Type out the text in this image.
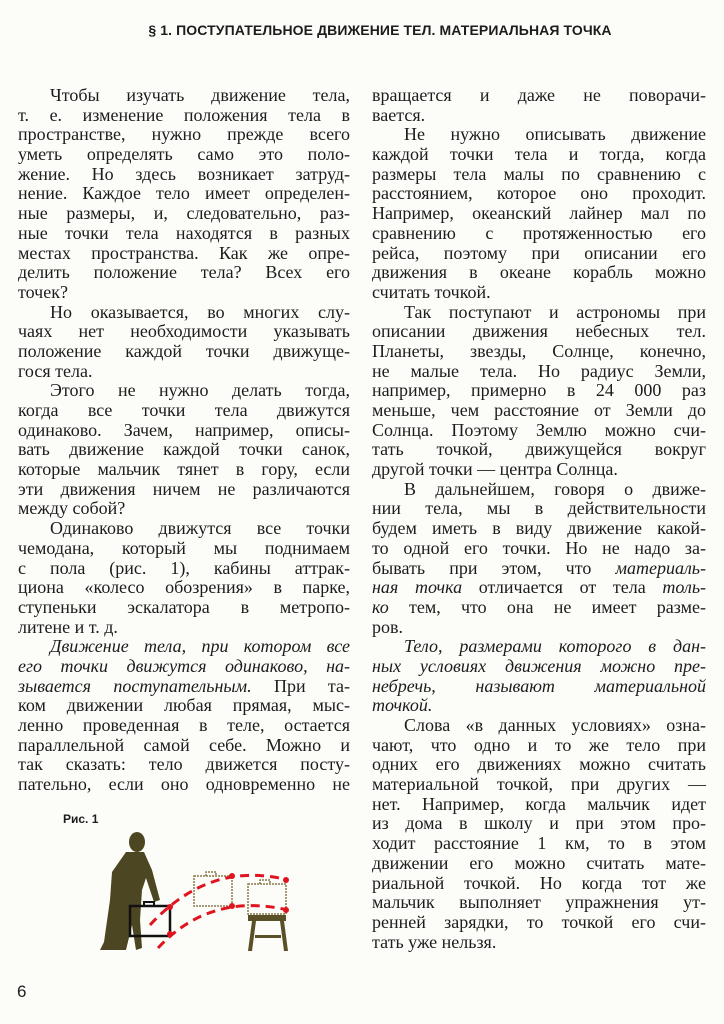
§ 1. ПОСТУПАТЕЛЬНОЕ ДВИЖЕНИЕ ТЕЛ. МАТЕРИАЛЬНАЯ ТОЧКА
Чтобы изучать движение тела,
т. е. изменение положения тела в
пространстве, нужно прежде всего
уметь определять само это поло-
жение. Но здесь возникает затруд-
нение. Каждое тело имеет определен-
ные размеры, и, следовательно, раз-
ные точки тела находятся в разных
местах пространства. Как же опре-
делить положение тела? Всех его
точек?
Но оказывается, во многих слу-
чаях нет необходимости указывать
положение каждой точки движуще-
гося тела.
Этого не нужно делать тогда,
когда все точки тела движутся
одинаково. Зачем, например, описы-
вать движение каждой точки санок,
которые мальчик тянет в гору, если
эти движения ничем не различаются
между собой?
Одинаково движутся все точки
чемодана, который мы поднимаем
с пола (рис. 1), кабины аттрак-
циона «колесо обозрения» в парке,
ступеньки эскалатора в метропо-
литене и т. д.
Движение тела, при котором все
его точки движутся одинаково, на-
зывается поступательным. При та-
ком движении любая прямая, мыс-
ленно проведенная в теле, остается
параллельной самой себе. Можно и
так сказать: тело движется посту-
пательно, если оно одновременно не
вращается и даже не поворачи-
вается.
Не нужно описывать движение
каждой точки тела и тогда, когда
размеры тела малы по сравнению с
расстоянием, которое оно проходит.
Например, океанский лайнер мал по
сравнению с протяженностью его
рейса, поэтому при описании его
движения в океане корабль можно
считать точкой.
Так поступают и астрономы при
описании движения небесных тел.
Планеты, звезды, Солнце, конечно,
не малые тела. Но радиус Земли,
например, примерно в 24 000 раз
меньше, чем расстояние от Земли до
Солнца. Поэтому Землю можно счи-
тать точкой, движущейся вокруг
другой точки — центра Солнца.
В дальнейшем, говоря о движе-
нии тела, мы в действительности
будем иметь в виду движение какой-
то одной его точки. Но не надо за-
бывать при этом, что материаль-
ная точка отличается от тела толь-
ко тем, что она не имеет разме-
ров.
Тело, размерами которого в дан-
ных условиях движения можно пре-
небречь, называют материальной
точкой.
Слова «в данных условиях» озна-
чают, что одно и то же тело при
одних его движениях можно считать
материальной точкой, при других —
нет. Например, когда мальчик идет
из дома в школу и при этом про-
ходит расстояние 1 км, то в этом
движении его можно считать мате-
риальной точкой. Но когда тот же
мальчик выполняет упражнения ут-
ренней зарядки, то точкой его счи-
тать уже нельзя.
Рис. 1
6
